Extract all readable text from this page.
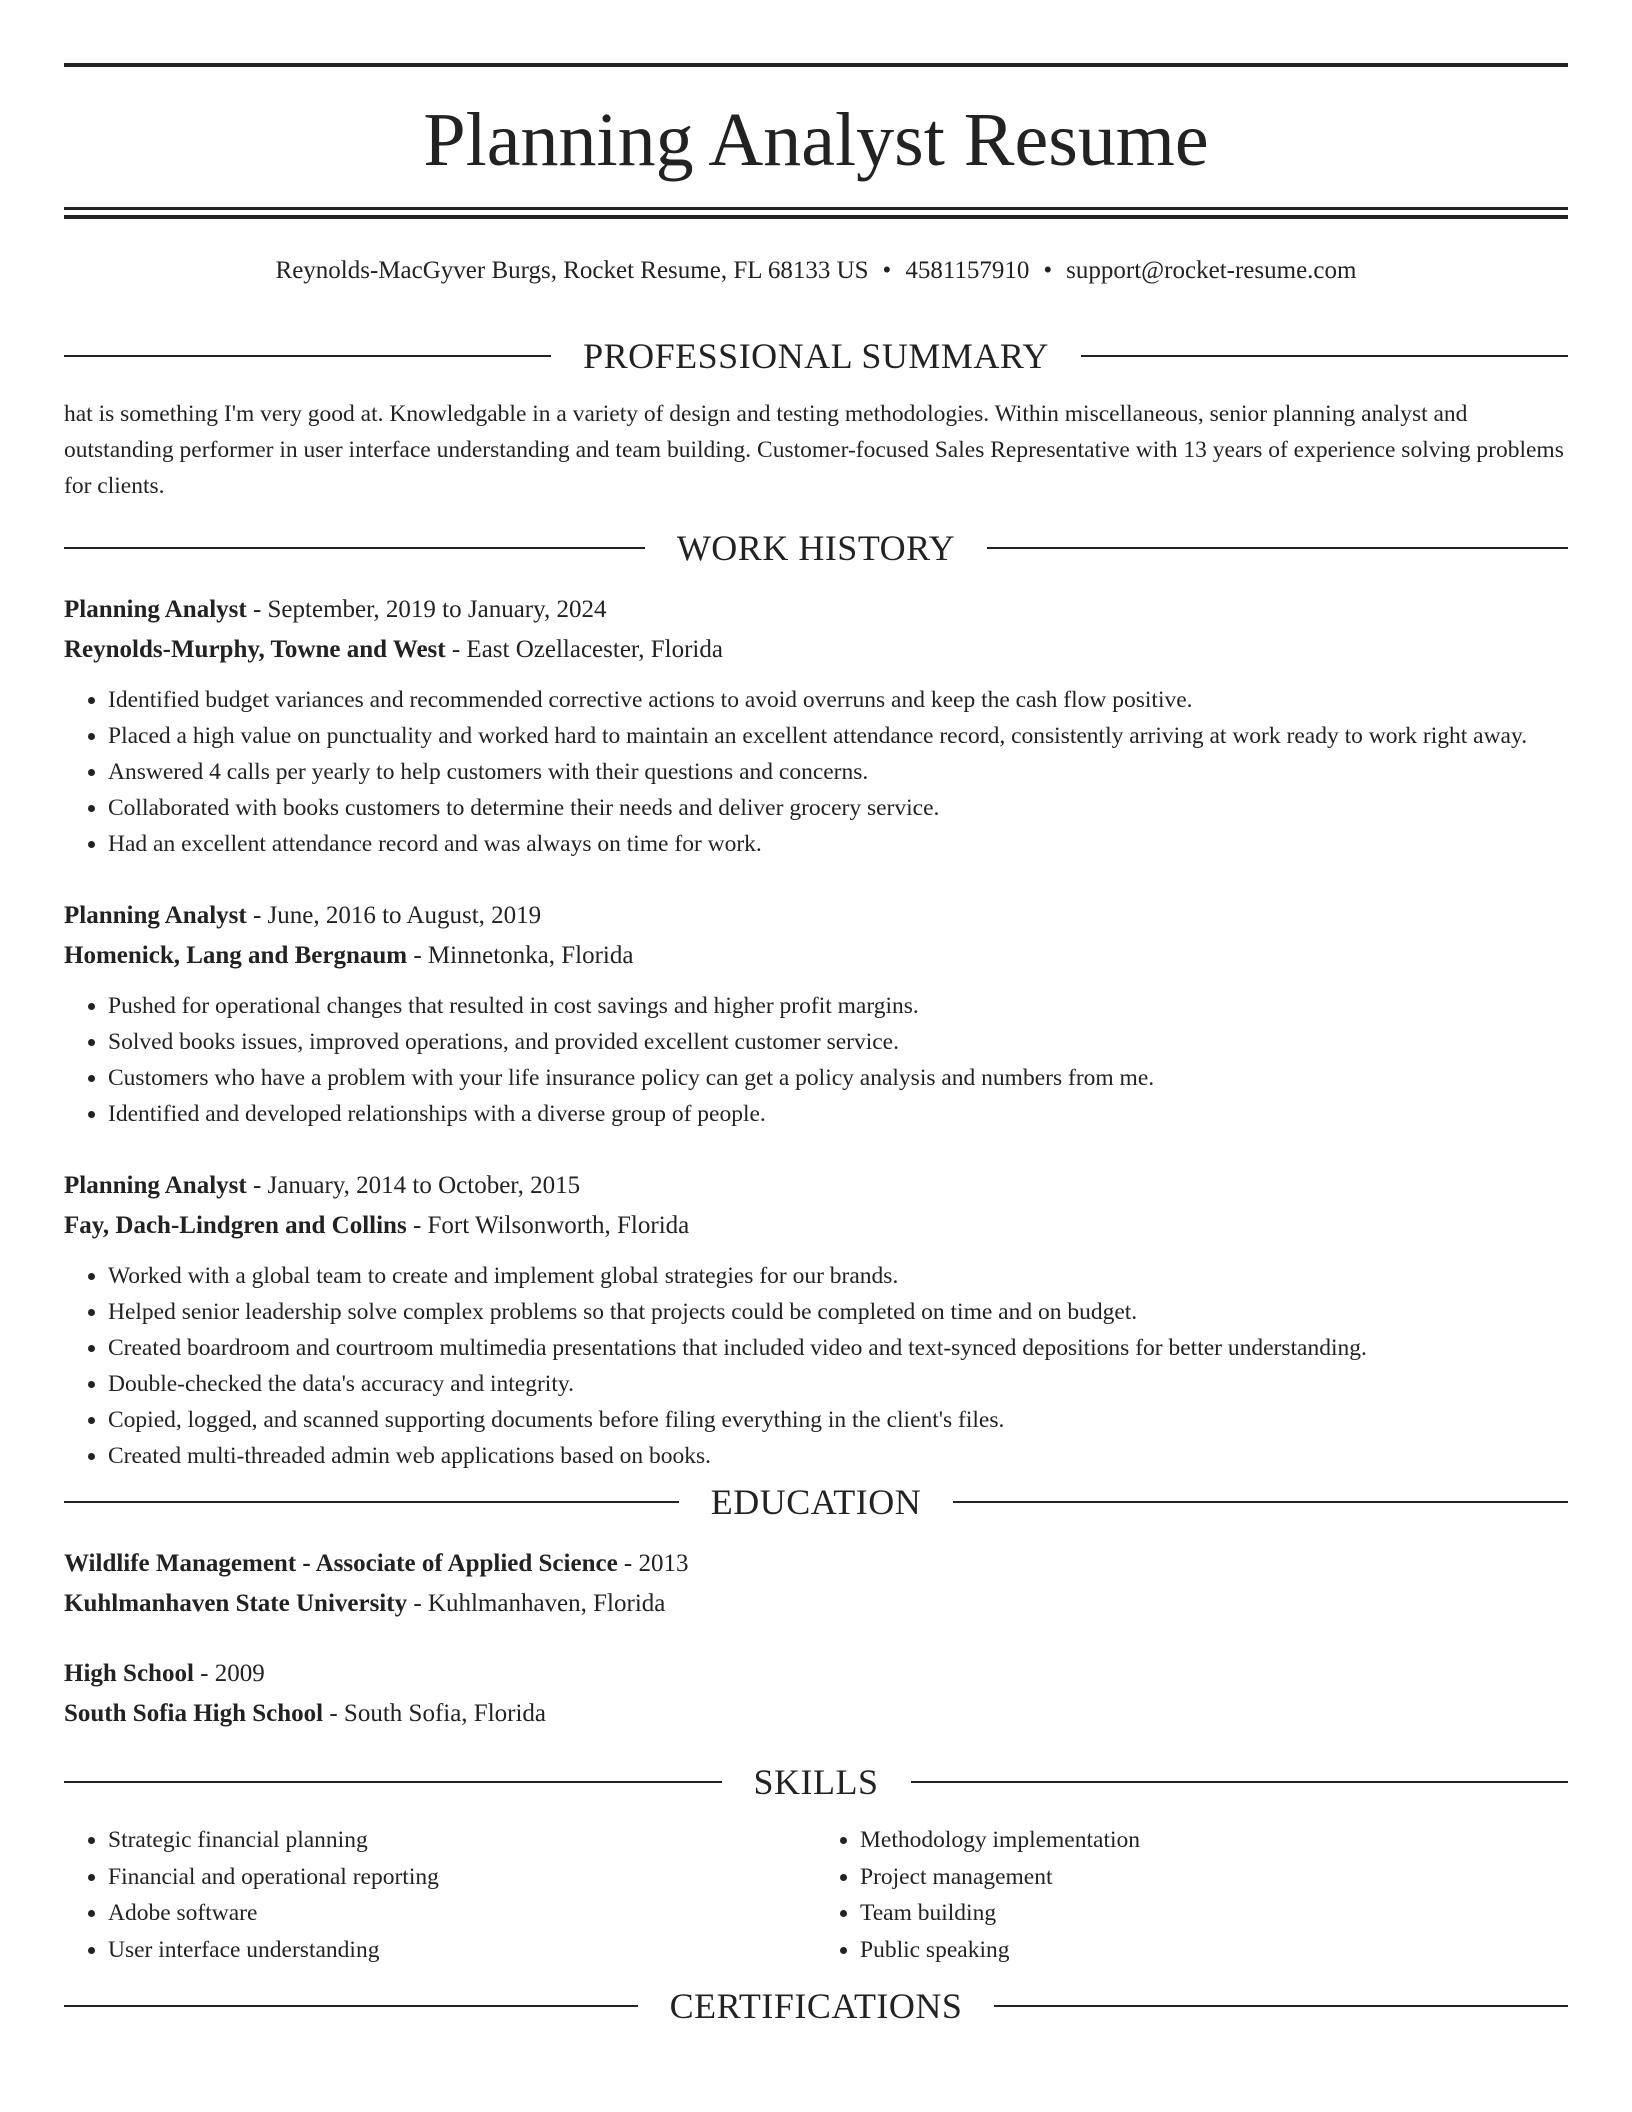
Planning Analyst Resume
Reynolds-MacGyver Burgs, Rocket Resume, FL 68133 US • 4581157910 • support@rocket-resume.com
PROFESSIONAL SUMMARY

hat is something I'm very good at. Knowledgable in a variety of design and testing methodologies. Within miscellaneous, senior planning analyst and outstanding performer in user interface understanding and team building. Customer-focused Sales Representative with 13 years of experience solving problems for clients.

WORK HISTORY
Planning Analyst - September, 2019 to January, 2024
Reynolds-Murphy, Towne and West - East Ozellacester, Florida
• Identified budget variances and recommended corrective actions to avoid overruns and keep the cash flow positive.
• Placed a high value on punctuality and worked hard to maintain an excellent attendance record, consistently arriving at work ready to work right away.
• Answered 4 calls per yearly to help customers with their questions and concerns.
• Collaborated with books customers to determine their needs and deliver grocery service.
• Had an excellent attendance record and was always on time for work.
Planning Analyst - June, 2016 to August, 2019
Homenick, Lang and Bergnaum - Minnetonka, Florida
• Pushed for operational changes that resulted in cost savings and higher profit margins.
• Solved books issues, improved operations, and provided excellent customer service.
• Customers who have a problem with your life insurance policy can get a policy analysis and numbers from me.
• Identified and developed relationships with a diverse group of people.
Planning Analyst - January, 2014 to October, 2015
Fay, Dach-Lindgren and Collins - Fort Wilsonworth, Florida
• Worked with a global team to create and implement global strategies for our brands.
• Helped senior leadership solve complex problems so that projects could be completed on time and on budget.
• Created boardroom and courtroom multimedia presentations that included video and text-synced depositions for better understanding.
• Double-checked the data's accuracy and integrity.
• Copied, logged, and scanned supporting documents before filing everything in the client's files.
• Created multi-threaded admin web applications based on books.
EDUCATION
Wildlife Management - Associate of Applied Science - 2013
Kuhlmanhaven State University - Kuhlmanhaven, Florida
High School - 2009
South Sofia High School - South Sofia, Florida
SKILLS
• Strategic financial planning
• Financial and operational reporting
• Adobe software
• User interface understanding
• Methodology implementation
• Project management
• Team building
• Public speaking
CERTIFICATIONS
